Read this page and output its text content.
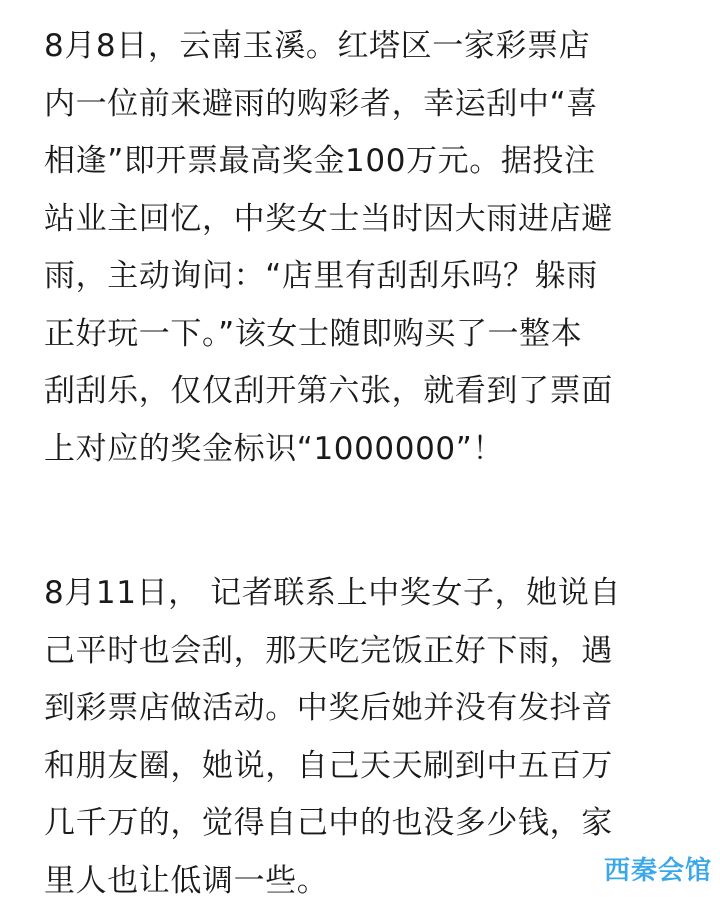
8月8日，云南玉溪。红塔区一家彩票店
内一位前来避雨的购彩者，幸运刮中“喜
相逢”即开票最高奖金100万元。据投注
站业主回忆，中奖女士当时因大雨进店避
雨，主动询问：“店里有刮刮乐吗？躲雨
正好玩一下。”该女士随即购买了一整本
刮刮乐，仅仅刮开第六张，就看到了票面
上对应的奖金标识“1000000”！

8月11日， 记者联系上中奖女子，她说自
己平时也会刮，那天吃完饭正好下雨，遇
到彩票店做活动。中奖后她并没有发抖音
和朋友圈，她说，自己天天刷到中五百万
几千万的，觉得自己中的也没多少钱，家
里人也让低调一些。	西秦会馆
